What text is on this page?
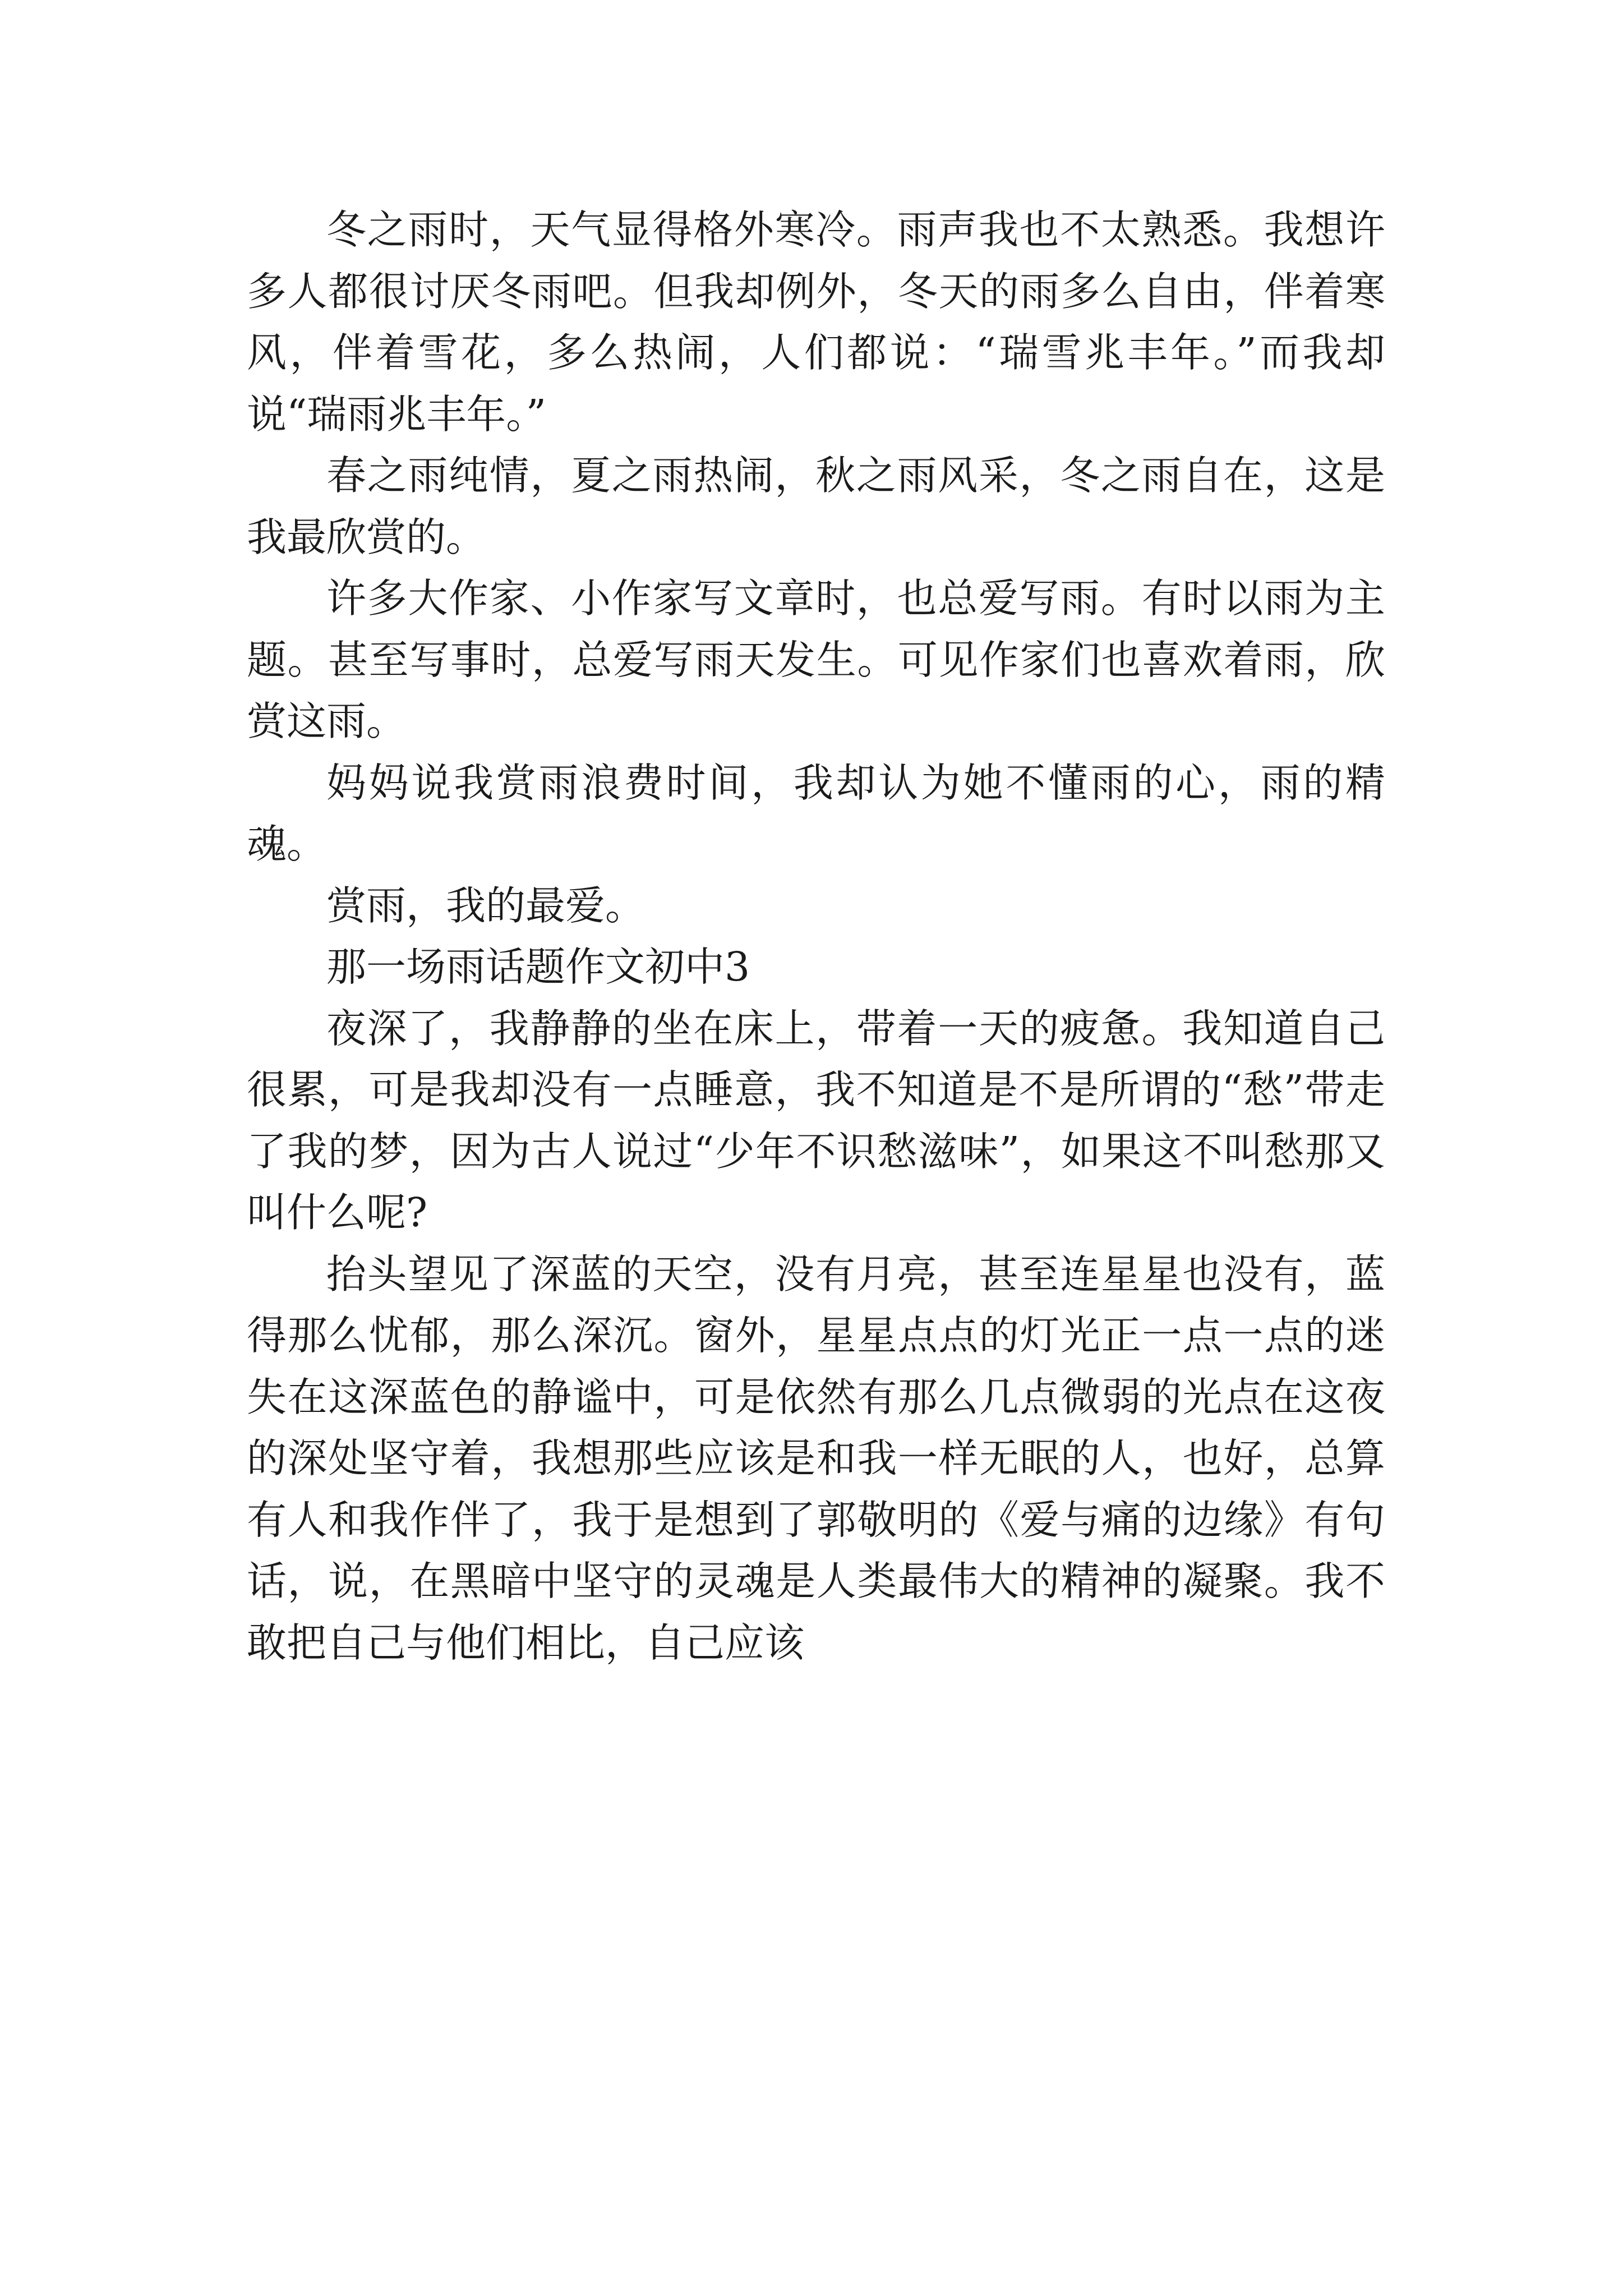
冬之雨时，天气显得格外寒冷。雨声我也不太熟悉。我想许多人都很讨厌冬雨吧。但我却例外，冬天的雨多么自由，伴着寒风，伴着雪花，多么热闹，人们都说：“瑞雪兆丰年。”而我却说“瑞雨兆丰年。”

春之雨纯情，夏之雨热闹，秋之雨风采，冬之雨自在，这是我最欣赏的。

许多大作家、小作家写文章时，也总爱写雨。有时以雨为主题。甚至写事时，总爱写雨天发生。可见作家们也喜欢着雨，欣赏这雨。

妈妈说我赏雨浪费时间，我却认为她不懂雨的心，雨的精魂。

赏雨，我的最爱。

那一场雨话题作文初中3

夜深了，我静静的坐在床上，带着一天的疲惫。我知道自己很累，可是我却没有一点睡意，我不知道是不是所谓的“愁”带走了我的梦，因为古人说过“少年不识愁滋味”，如果这不叫愁那又叫什么呢?

抬头望见了深蓝的天空，没有月亮，甚至连星星也没有，蓝得那么忧郁，那么深沉。窗外，星星点点的灯光正一点一点的迷失在这深蓝色的静谧中，可是依然有那么几点微弱的光点在这夜的深处坚守着，我想那些应该是和我一样无眠的人，也好，总算有人和我作伴了，我于是想到了郭敬明的《爱与痛的边缘》有句话，说，在黑暗中坚守的灵魂是人类最伟大的精神的凝聚。我不敢把自己与他们相比，自己应该
